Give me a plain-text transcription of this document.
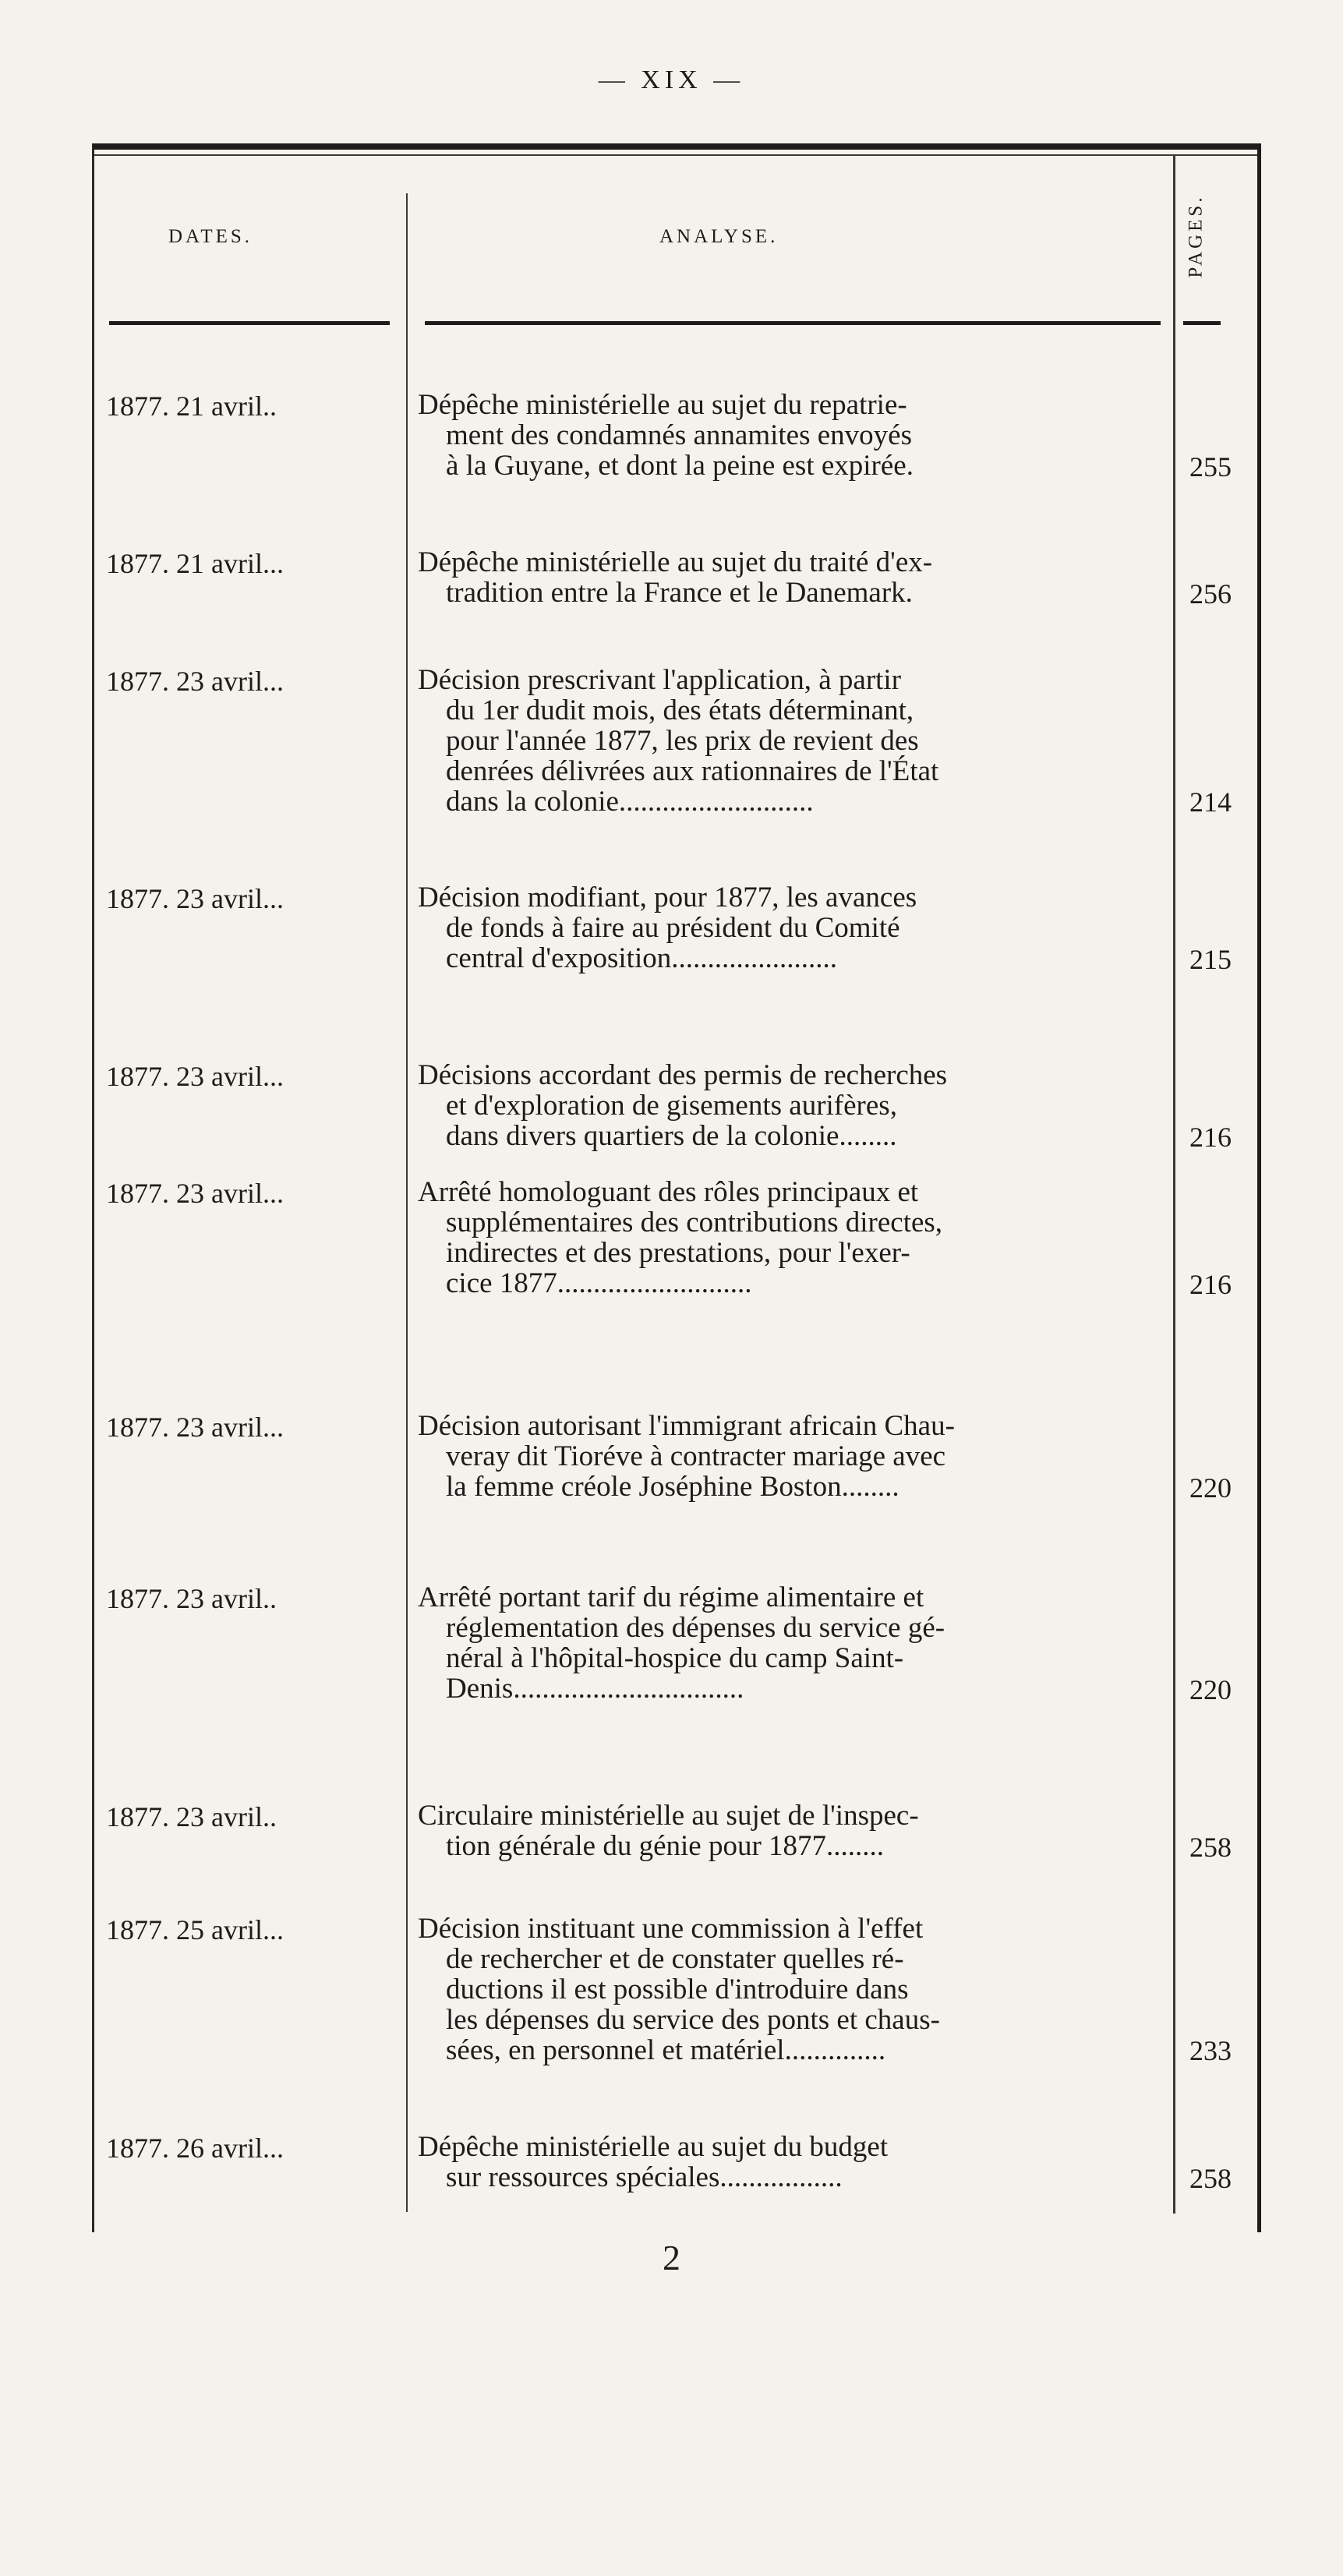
— XIX —
DATES.	ANALYSE.	PAGES.
1877. 21 avril..	Dépêche ministérielle au sujet du repatrie-
ment des condamnés annamites envoyés
à la Guyane, et dont la peine est expirée.	255
1877. 21 avril...	Dépêche ministérielle au sujet du traité d'ex-
tradition entre la France et le Danemark.	256
1877. 23 avril...	Décision prescrivant l'application, à partir
du 1er dudit mois, des états déterminant,
pour l'année 1877, les prix de revient des
denrées délivrées aux rationnaires de l'État
dans la colonie...........................	214
1877. 23 avril...	Décision modifiant, pour 1877, les avances
de fonds à faire au président du Comité
central d'exposition.......................	215
1877. 23 avril...	Décisions accordant des permis de recherches
et d'exploration de gisements aurifères,
dans divers quartiers de la colonie........	216
1877. 23 avril...	Arrêté homologuant des rôles principaux et
supplémentaires des contributions directes,
indirectes et des prestations, pour l'exer-
cice 1877...........................	216
1877. 23 avril...	Décision autorisant l'immigrant africain Chau-
veray dit Tioréve à contracter mariage avec
la femme créole Joséphine Boston........	220
1877. 23 avril..	Arrêté portant tarif du régime alimentaire et
réglementation des dépenses du service gé-
néral à l'hôpital-hospice du camp Saint-
Denis................................	220
1877. 23 avril..	Circulaire ministérielle au sujet de l'inspec-
tion générale du génie pour 1877........	258
1877. 25 avril...	Décision instituant une commission à l'effet
de rechercher et de constater quelles ré-
ductions il est possible d'introduire dans
les dépenses du service des ponts et chaus-
sées, en personnel et matériel..............	233
1877. 26 avril...	Dépêche ministérielle au sujet du budget
sur ressources spéciales.................	258
2
